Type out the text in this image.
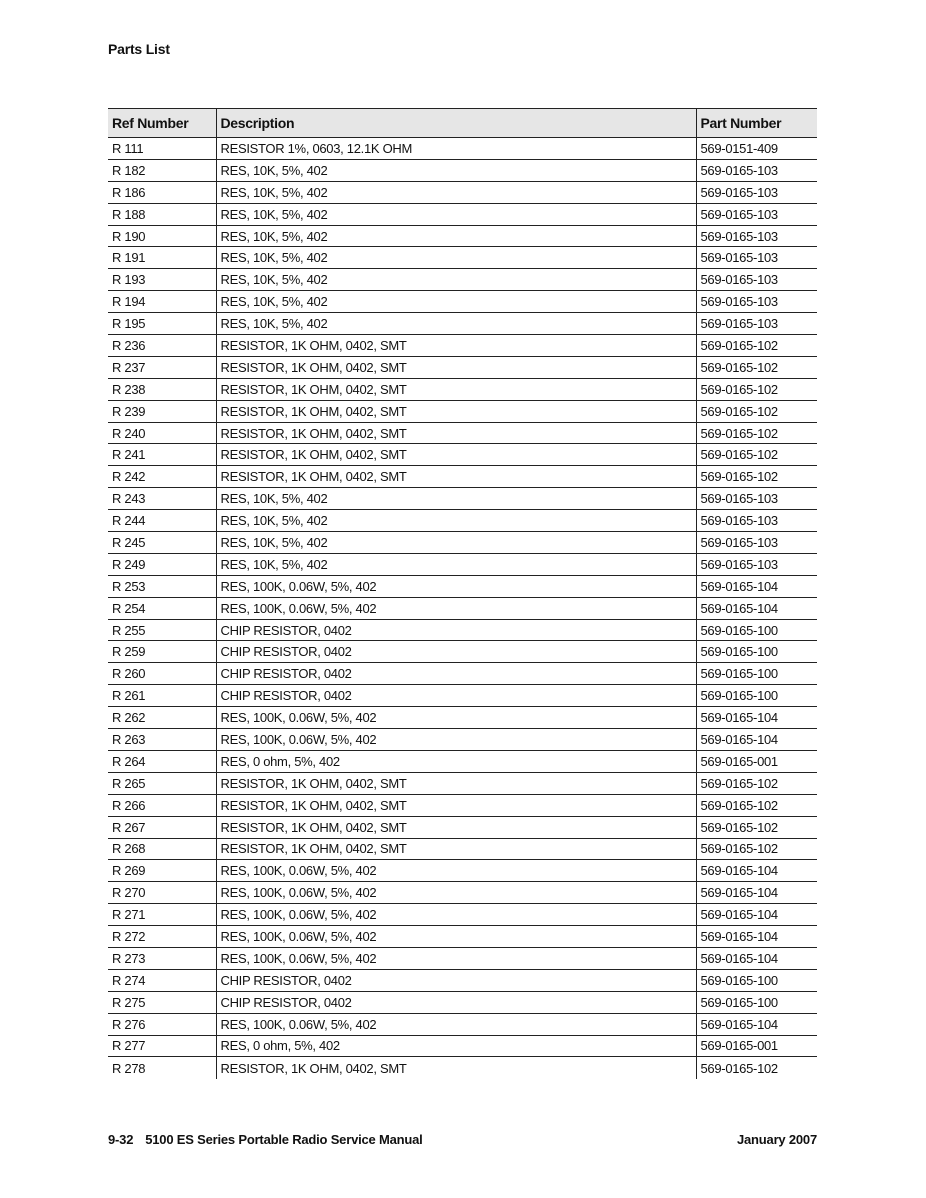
Parts List
Ref Number	Description	Part Number
R 111	RESISTOR 1%, 0603, 12.1K OHM	569-0151-409
R 182	RES, 10K, 5%, 402	569-0165-103
R 186	RES, 10K, 5%, 402	569-0165-103
R 188	RES, 10K, 5%, 402	569-0165-103
R 190	RES, 10K, 5%, 402	569-0165-103
R 191	RES, 10K, 5%, 402	569-0165-103
R 193	RES, 10K, 5%, 402	569-0165-103
R 194	RES, 10K, 5%, 402	569-0165-103
R 195	RES, 10K, 5%, 402	569-0165-103
R 236	RESISTOR, 1K OHM, 0402, SMT	569-0165-102
R 237	RESISTOR, 1K OHM, 0402, SMT	569-0165-102
R 238	RESISTOR, 1K OHM, 0402, SMT	569-0165-102
R 239	RESISTOR, 1K OHM, 0402, SMT	569-0165-102
R 240	RESISTOR, 1K OHM, 0402, SMT	569-0165-102
R 241	RESISTOR, 1K OHM, 0402, SMT	569-0165-102
R 242	RESISTOR, 1K OHM, 0402, SMT	569-0165-102
R 243	RES, 10K, 5%, 402	569-0165-103
R 244	RES, 10K, 5%, 402	569-0165-103
R 245	RES, 10K, 5%, 402	569-0165-103
R 249	RES, 10K, 5%, 402	569-0165-103
R 253	RES, 100K, 0.06W, 5%, 402	569-0165-104
R 254	RES, 100K, 0.06W, 5%, 402	569-0165-104
R 255	CHIP RESISTOR, 0402	569-0165-100
R 259	CHIP RESISTOR, 0402	569-0165-100
R 260	CHIP RESISTOR, 0402	569-0165-100
R 261	CHIP RESISTOR, 0402	569-0165-100
R 262	RES, 100K, 0.06W, 5%, 402	569-0165-104
R 263	RES, 100K, 0.06W, 5%, 402	569-0165-104
R 264	RES, 0 ohm, 5%, 402	569-0165-001
R 265	RESISTOR, 1K OHM, 0402, SMT	569-0165-102
R 266	RESISTOR, 1K OHM, 0402, SMT	569-0165-102
R 267	RESISTOR, 1K OHM, 0402, SMT	569-0165-102
R 268	RESISTOR, 1K OHM, 0402, SMT	569-0165-102
R 269	RES, 100K, 0.06W, 5%, 402	569-0165-104
R 270	RES, 100K, 0.06W, 5%, 402	569-0165-104
R 271	RES, 100K, 0.06W, 5%, 402	569-0165-104
R 272	RES, 100K, 0.06W, 5%, 402	569-0165-104
R 273	RES, 100K, 0.06W, 5%, 402	569-0165-104
R 274	CHIP RESISTOR, 0402	569-0165-100
R 275	CHIP RESISTOR, 0402	569-0165-100
R 276	RES, 100K, 0.06W, 5%, 402	569-0165-104
R 277	RES, 0 ohm, 5%, 402	569-0165-001
R 278	RESISTOR, 1K OHM, 0402, SMT	569-0165-102
9-32 5100 ES Series Portable Radio Service Manual	January 2007
